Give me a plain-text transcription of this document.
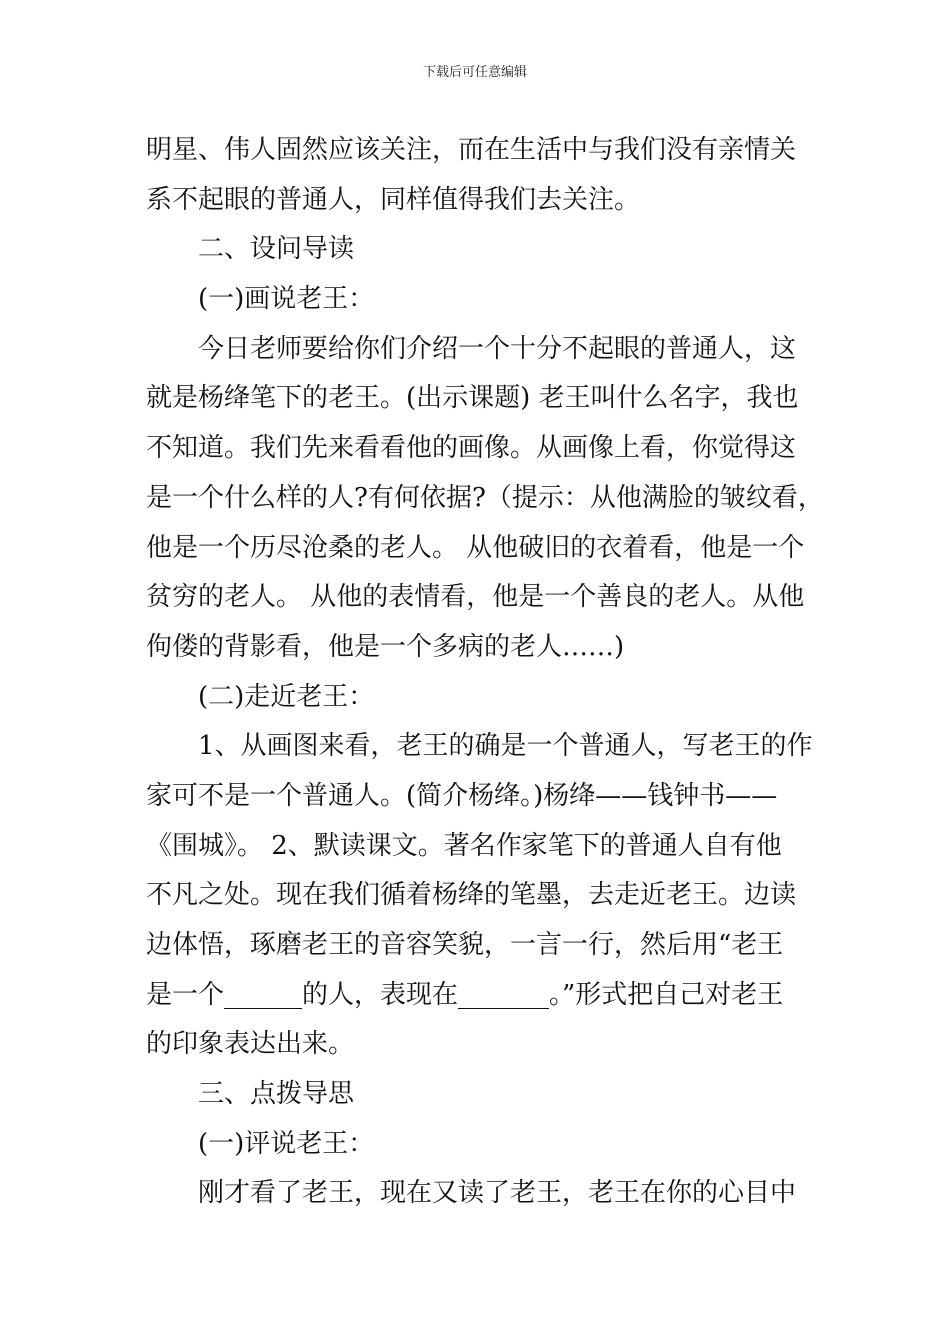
下载后可任意编辑
明星、伟人固然应该关注，而在生活中与我们没有亲情关
系不起眼的普通人，同样值得我们去关注。
二、设问导读
(一)画说老王：
今日老师要给你们介绍一个十分不起眼的普通人，这
就是杨绛笔下的老王。(出示课题) 老王叫什么名字，我也
不知道。我们先来看看他的画像。从画像上看，你觉得这
是一个什么样的人?有何依据?（提示：从他满脸的皱纹看，
他是一个历尽沧桑的老人。 从他破旧的衣着看，他是一个
贫穷的老人。 从他的表情看，他是一个善良的老人。从他
佝偻的背影看，他是一个多病的老人……)
(二)走近老王：
1、从画图来看，老王的确是一个普通人，写老王的作
家可不是一个普通人。(简介杨绛。)杨绛——钱钟书——
《围城》。 2、默读课文。著名作家笔下的普通人自有他
不凡之处。现在我们循着杨绛的笔墨，去走近老王。边读
边体悟，琢磨老王的音容笑貌，一言一行，然后用“老王
是一个______的人，表现在_______。”形式把自己对老王
的印象表达出来。
三、点拨导思
(一)评说老王：
刚才看了老王，现在又读了老王，老王在你的心目中
